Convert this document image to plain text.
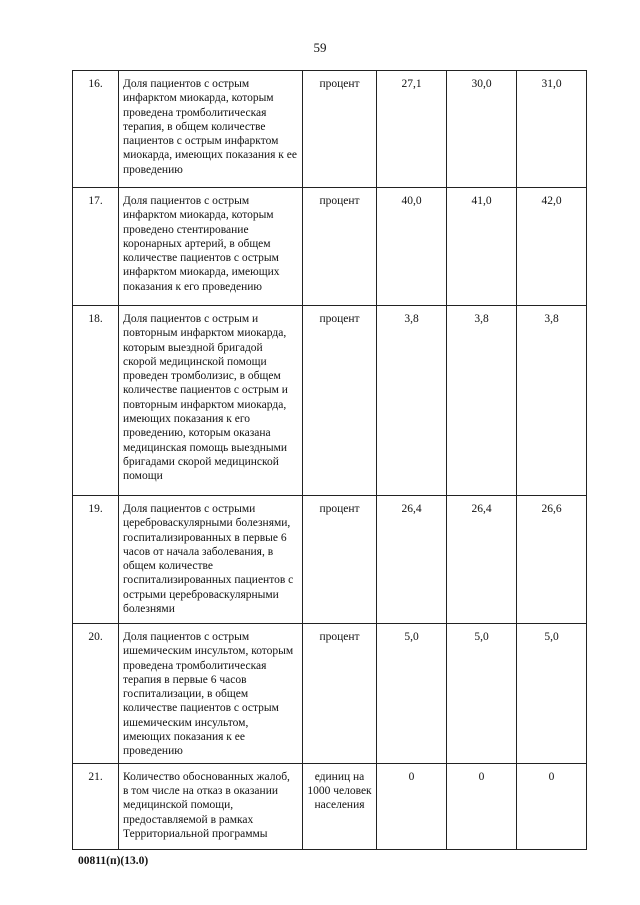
59
16.	Доля пациентов с острым инфарктом миокарда, которым проведена тромболитическая терапия, в общем количестве пациентов с острым инфарктом миокарда, имеющих показания к ее проведению	процент	27,1	30,0	31,0
17.	Доля пациентов с острым инфарктом миокарда, которым проведено стентирование коронарных артерий, в общем количестве пациентов с острым инфарктом миокарда, имеющих показания к его проведению	процент	40,0	41,0	42,0
18.	Доля пациентов с острым и повторным инфарктом миокарда, которым выездной бригадой скорой медицинской помощи проведен тромболизис, в общем количестве пациентов с острым и повторным инфарктом миокарда, имеющих показания к его проведению, которым оказана медицинская помощь выездными бригадами скорой медицинской помощи	процент	3,8	3,8	3,8
19.	Доля пациентов с острыми цереброваскулярными болезнями, госпитализированных в первые 6 часов от начала заболевания, в общем количестве госпитализированных пациентов с острыми цереброваскулярными болезнями	процент	26,4	26,4	26,6
20.	Доля пациентов с острым ишемическим инсультом, которым проведена тромболитическая терапия в первые 6 часов госпитализации, в общем количестве пациентов с острым ишемическим инсультом, имеющих показания к ее проведению	процент	5,0	5,0	5,0
21.	Количество обоснованных жалоб, в том числе на отказ в оказании медицинской помощи, предоставляемой в рамках Территориальной программы	единиц на 1000 человек населения	0	0	0
00811(п)(13.0)
